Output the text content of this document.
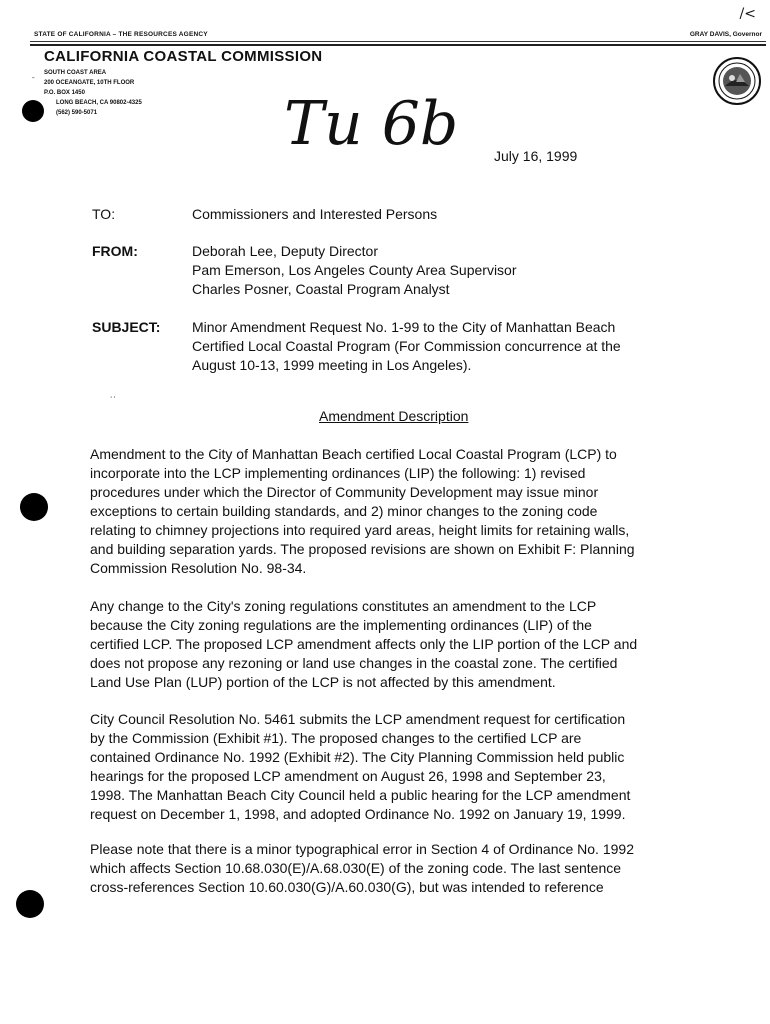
/<
STATE OF CALIFORNIA – THE RESOURCES AGENCY	GRAY DAVIS, Governor
CALIFORNIA COASTAL COMMISSION
ˉ
SOUTH COAST AREA
200 OCEANGATE, 10TH FLOOR
P.O. BOX 1450
LONG BEACH, CA 90802-4325
(562) 590-5071	Tu 6b	July 16, 1999
˙˙
TO:	Commissioners and Interested Persons
FROM:	Deborah Lee, Deputy Director
Pam Emerson, Los Angeles County Area Supervisor
Charles Posner, Coastal Program Analyst
SUBJECT: Minor Amendment Request No. 1-99 to the City of Manhattan Beach
Certified Local Coastal Program (For Commission concurrence at the
August 10-13, 1999 meeting in Los Angeles).
Amendment Description

Amendment to the City of Manhattan Beach certified Local Coastal Program (LCP) to

incorporate into the LCP implementing ordinances (LIP) the following: 1) revised

procedures under which the Director of Community Development may issue minor

exceptions to certain building standards, and 2) minor changes to the zoning code

relating to chimney projections into required yard areas, height limits for retaining walls,

and building separation yards. The proposed revisions are shown on Exhibit F: Planning

Commission Resolution No. 98-34.

Any change to the City's zoning regulations constitutes an amendment to the LCP

because the City zoning regulations are the implementing ordinances (LIP) of the

certified LCP. The proposed LCP amendment affects only the LIP portion of the LCP and

does not propose any rezoning or land use changes in the coastal zone. The certified

Land Use Plan (LUP) portion of the LCP is not affected by this amendment.

City Council Resolution No. 5461 submits the LCP amendment request for certification

by the Commission (Exhibit #1). The proposed changes to the certified LCP are

contained Ordinance No. 1992 (Exhibit #2). The City Planning Commission held public

hearings for the proposed LCP amendment on August 26, 1998 and September 23,

1998. The Manhattan Beach City Council held a public hearing for the LCP amendment

request on December 1, 1998, and adopted Ordinance No. 1992 on January 19, 1999.

Please note that there is a minor typographical error in Section 4 of Ordinance No. 1992

which affects Section 10.68.030(E)/A.68.030(E) of the zoning code. The last sentence

cross-references Section 10.60.030(G)/A.60.030(G), but was intended to reference
